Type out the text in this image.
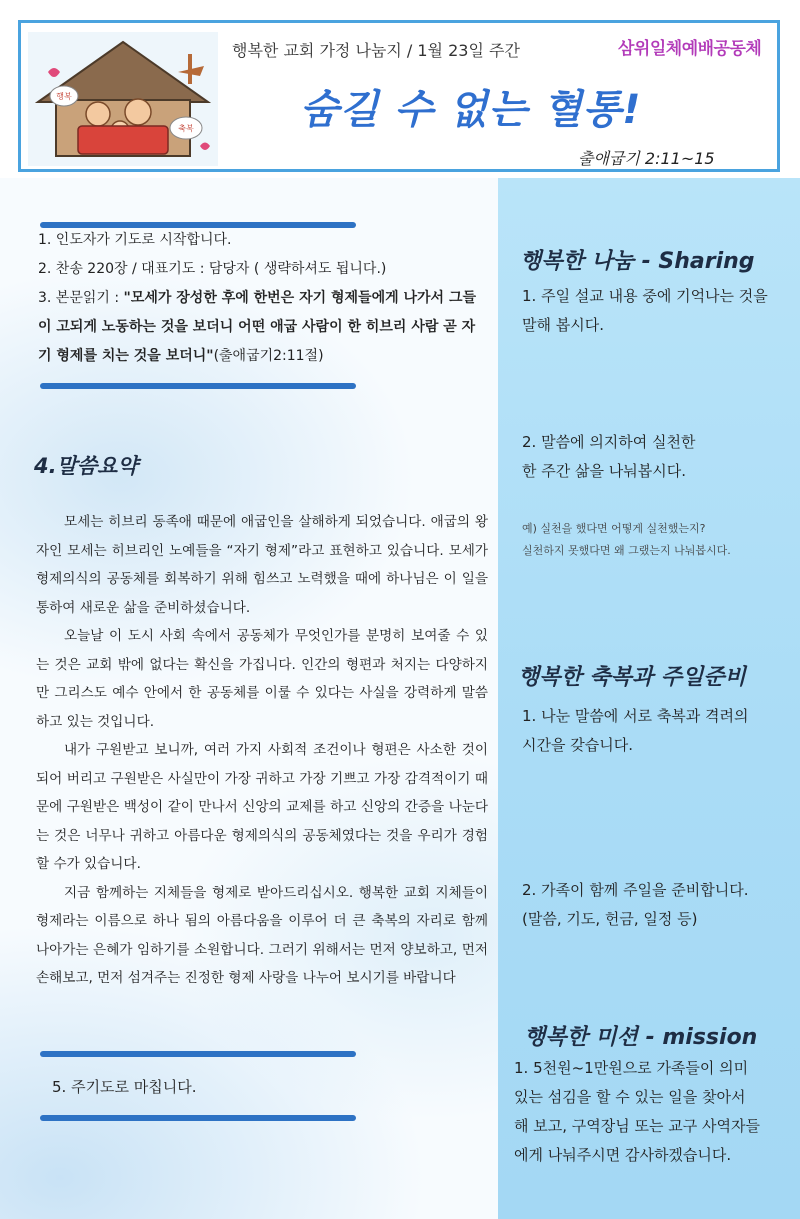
행복
축복
행복한 교회 가정 나눔지 / 1월 23일 주간	삼위일체예배공동체
숨길 수 없는 혈통!
출애굽기 2:11~15

1. 인도자가 기도로 시작합니다.

2. 찬송 220장 / 대표기도 : 담당자 ( 생략하셔도 됩니다.)

3. 본문읽기 : "모세가 장성한 후에 한번은 자기 형제들에게 나가서 그들이 고되게 노동하는 것을 보더니 어떤 애굽 사람이 한 히브리 사람 곧 자기 형제를 치는 것을 보더니"(출애굽기2:11절)

4.말씀요약

모세는 히브리 동족애 때문에 애굽인을 살해하게 되었습니다. 애굽의 왕자인 모세는 히브리인 노예들을 “자기 형제”라고 표현하고 있습니다. 모세가 형제의식의 공동체를 회복하기 위해 힘쓰고 노력했을 때에 하나님은 이 일을 통하여 새로운 삶을 준비하셨습니다.

오늘날 이 도시 사회 속에서 공동체가 무엇인가를 분명히 보여줄 수 있는 것은 교회 밖에 없다는 확신을 가집니다. 인간의 형편과 처지는 다양하지만 그리스도 예수 안에서 한 공동체를 이룰 수 있다는 사실을 강력하게 말씀하고 있는 것입니다.

내가 구원받고 보니까, 여러 가지 사회적 조건이나 형편은 사소한 것이 되어 버리고 구원받은 사실만이 가장 귀하고 가장 기쁘고 가장 감격적이기 때문에 구원받은 백성이 같이 만나서 신앙의 교제를 하고 신앙의 간증을 나눈다는 것은 너무나 귀하고 아름다운 형제의식의 공동체였다는 것을 우리가 경험할 수가 있습니다.

지금 함께하는 지체들을 형제로 받아드리십시오. 행복한 교회 지체들이 형제라는 이름으로 하나 됨의 아름다움을 이루어 더 큰 축복의 자리로 함께 나아가는 은혜가 임하기를 소원합니다. 그러기 위해서는 먼저 양보하고, 먼저 손해보고, 먼저 섬겨주는 진정한 형제 사랑을 나누어 보시기를 바랍니다

5. 주기도로 마칩니다.
행복한 나눔 - Sharing
1. 주일 설교 내용 중에 기억나는 것을 말해 봅시다.
2. 말씀에 의지하여 실천한
한 주간 삶을 나눠봅시다.
예) 실천을 했다면 어떻게 실천했는지?
실천하지 못했다면 왜 그랬는지 나눠봅시다.
행복한 축복과 주일준비
1. 나눈 말씀에 서로 축복과 격려의 시간을 갖습니다.
2. 가족이 함께 주일을 준비합니다. (말씀, 기도, 헌금, 일정 등)
행복한 미션 - mission
1. 5천원~1만원으로 가족들이 의미있는 섬김을 할 수 있는 일을 찾아서 해 보고, 구역장님 또는 교구 사역자들에게 나눠주시면 감사하겠습니다.
